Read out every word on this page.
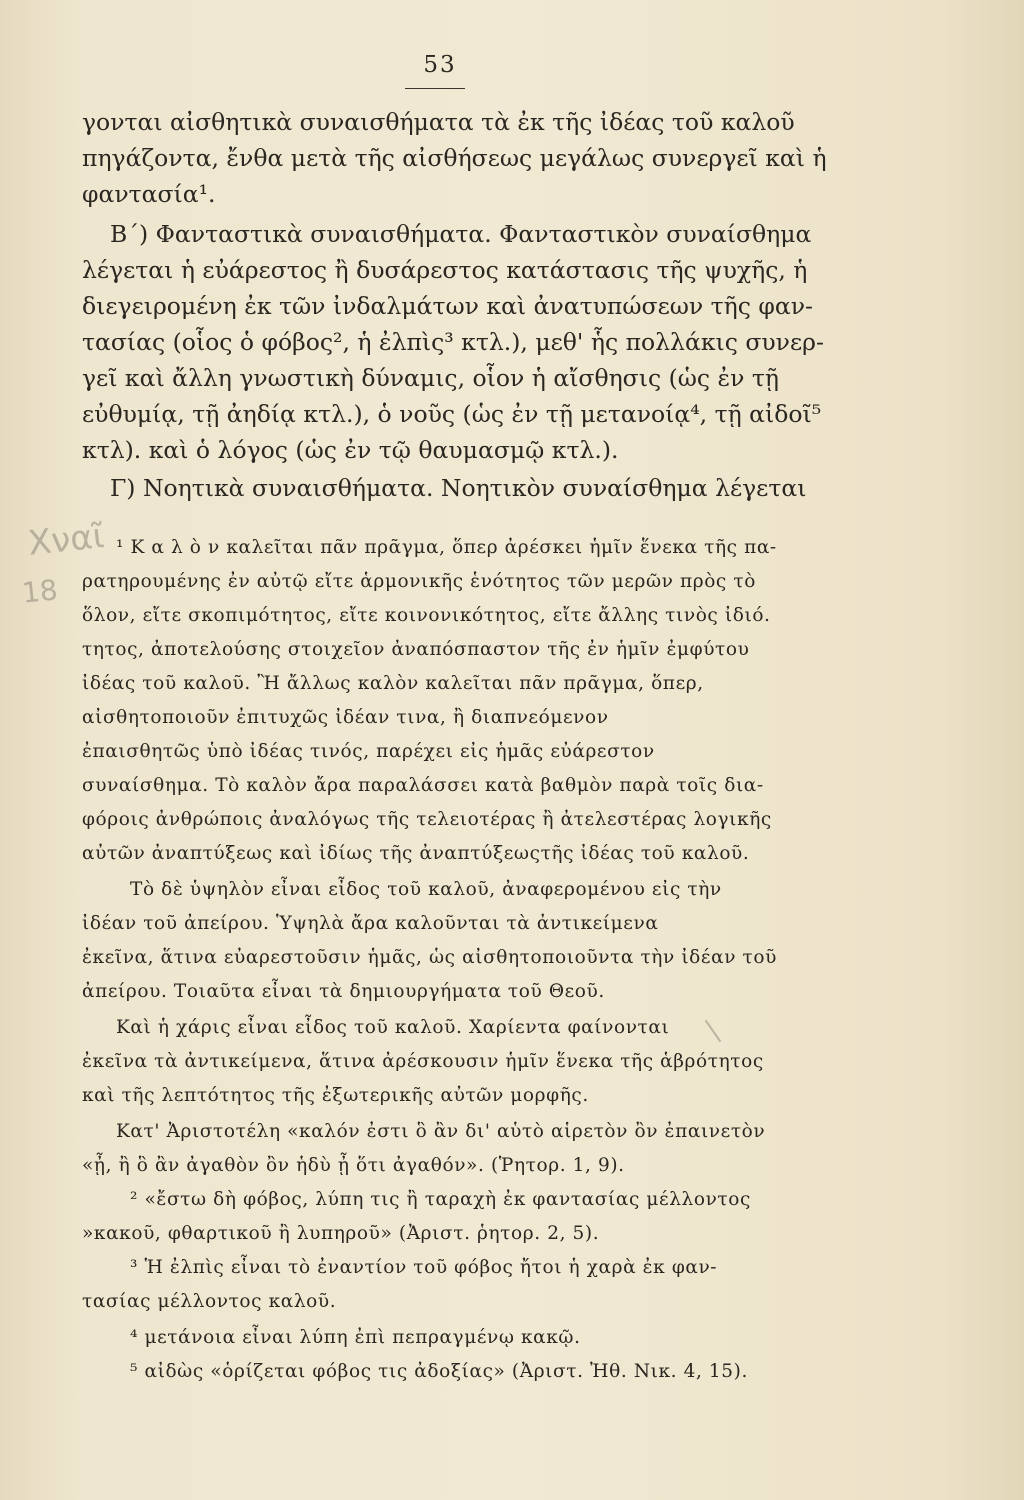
53
γονται αἰσθητικὰ συναισθήματα τὰ ἐκ τῆς ἰδέας τοῦ καλοῦ
πηγάζοντα, ἔνθα μετὰ τῆς αἰσθήσεως μεγάλως συνεργεῖ καὶ ἡ
φαντασία¹.
Β΄) Φανταστικὰ συναισθήματα. Φανταστικὸν συναίσθημα
λέγεται ἡ εὐάρεστος ἢ δυσάρεστος κατάστασις τῆς ψυχῆς, ἡ
διεγειρομένη ἐκ τῶν ἰνδαλμάτων καὶ ἀνατυπώσεων τῆς φαν-
τασίας (οἷος ὁ φόβος², ἡ ἐλπὶς³ κτλ.), μεθ' ἧς πολλάκις συνερ-
γεῖ καὶ ἄλλη γνωστικὴ δύναμις, οἷον ἡ αἴσθησις (ὡς ἐν τῇ
εὐθυμίᾳ, τῇ ἀηδίᾳ κτλ.), ὁ νοῦς (ὡς ἐν τῇ μετανοίᾳ⁴, τῇ αἰδοῖ⁵
κτλ). καὶ ὁ λόγος (ὡς ἐν τῷ θαυμασμῷ κτλ.).
Γ) Νοητικὰ συναισθήματα. Νοητικὸν συναίσθημα λέγεται
Χναῖ
18
¹ Κ α λ ὸ ν καλεῖται πᾶν πρᾶγμα, ὅπερ ἀρέσκει ἡμῖν ἕνεκα τῆς πα-
ρατηρουμένης ἐν αὐτῷ εἴτε ἁρμονικῆς ἑνότητος τῶν μερῶν πρὸς τὸ
ὅλον, εἴτε σκοπιμότητος, εἴτε κοινονικότητος, εἴτε ἄλλης τινὸς ἰδιό.
τητος, ἀποτελούσης στοιχεῖον ἀναπόσπαστον τῆς ἐν ἡμῖν ἐμφύτου
ἰδέας τοῦ καλοῦ. Ἢ ἄλλως καλὸν καλεῖται πᾶν πρᾶγμα, ὅπερ,
αἰσθητοποιοῦν ἐπιτυχῶς ἰδέαν τινα, ἢ διαπνεόμενον
ἐπαισθητῶς ὑπὸ ἰδέας τινός, παρέχει εἰς ἡμᾶς εὐάρεστον
συναίσθημα. Τὸ καλὸν ἄρα παραλάσσει κατὰ βαθμὸν παρὰ τοῖς δια-
φόροις ἀνθρώποις ἀναλόγως τῆς τελειοτέρας ἢ ἀτελεστέρας λογικῆς
αὐτῶν ἀναπτύξεως καὶ ἰδίως τῆς ἀναπτύξεωςτῆς ἰδέας τοῦ καλοῦ.
Τὸ δὲ ὑψηλὸν εἶναι εἶδος τοῦ καλοῦ, ἀναφερομένου εἰς τὴν
ἰδέαν τοῦ ἀπείρου. Ὑψηλὰ ἄρα καλοῦνται τὰ ἀντικείμενα
ἐκεῖνα, ἅτινα εὐαρεστοῦσιν ἡμᾶς, ὡς αἰσθητοποιοῦντα τὴν ἰδέαν τοῦ
ἀπείρου. Τοιαῦτα εἶναι τὰ δημιουργήματα τοῦ Θεοῦ.
Καὶ ἡ χάρις εἶναι εἶδος τοῦ καλοῦ. Χαρίεντα φαίνονται
ἐκεῖνα τὰ ἀντικείμενα, ἅτινα ἀρέσκουσιν ἡμῖν ἕνεκα τῆς ἁβρότητος
καὶ τῆς λεπτότητος τῆς ἐξωτερικῆς αὐτῶν μορφῆς.
Κατ' Ἀριστοτέλη «καλόν ἐστι ὃ ἂν δι' αὑτὸ αἱρετὸν ὂν ἐπαινετὸν
«ᾖ, ἢ ὃ ἂν ἀγαθὸν ὂν ἡδὺ ᾖ ὅτι ἀγαθόν». (Ῥητορ. 1, 9).
² «ἔστω δὴ φόβος, λύπη τις ἢ ταραχὴ ἐκ φαντασίας μέλλοντος
»κακοῦ, φθαρτικοῦ ἢ λυπηροῦ» (Ἀριστ. ῥητορ. 2, 5).
³ Ἡ ἐλπὶς εἶναι τὸ ἐναντίον τοῦ φόβος ἤτοι ἡ χαρὰ ἐκ φαν-
τασίας μέλλοντος καλοῦ.
⁴ μετάνοια εἶναι λύπη ἐπὶ πεπραγμένῳ κακῷ.
⁵ αἰδὼς «ὁρίζεται φόβος τις ἀδοξίας» (Ἀριστ. Ἠθ. Νικ. 4, 15).
